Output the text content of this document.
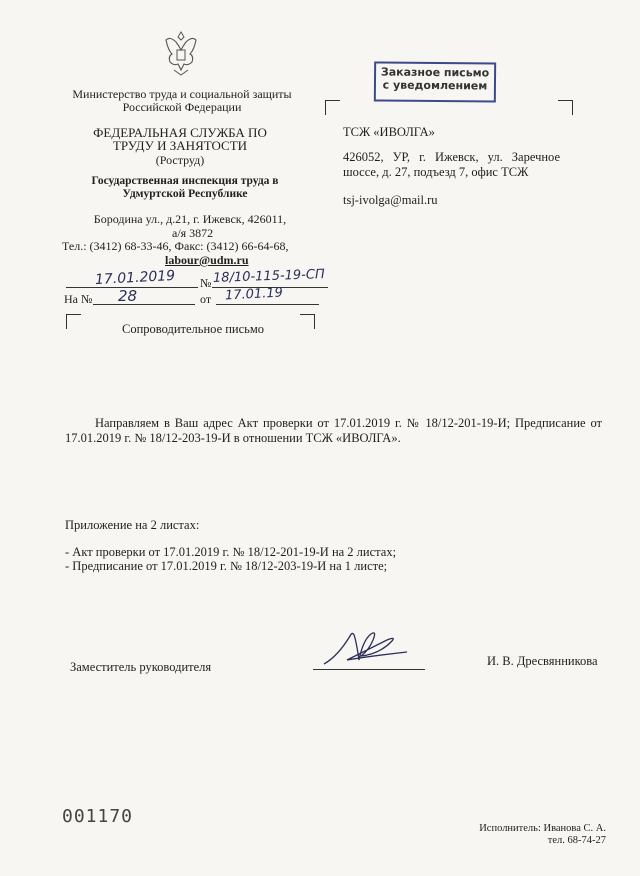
Министерство труда и социальной защиты Российской Федерации
ФЕДЕРАЛЬНАЯ СЛУЖБА ПО ТРУДУ И ЗАНЯТОСТИ
(Роструд)
Государственная инспекция труда в Удмуртской Республике
Бородина ул., д.21, г. Ижевск, 426011,
а/я 3872
Тел.: (3412) 68-33-46, Факс: (3412) 66-64-68,
labour@udm.ru
17.01.2019 № 18/10-115-19-СП
На № 28	от 17.01.19
Сопроводительное письмо
Заказное письмо
с уведомлением
ТСЖ «ИВОЛГА»
426052, УР, г. Ижевск, ул. Заречное шоссе, д. 27, подъезд 7, офис ТСЖ
tsj-ivolga@mail.ru
Направляем в Ваш адрес Акт проверки от 17.01.2019 г. № 18/12-201-19-И; Предписание от 17.01.2019 г. № 18/12-203-19-И в отношении ТСЖ «ИВОЛГА».
Приложение на 2 листах:
- Акт проверки от 17.01.2019 г. № 18/12-201-19-И на 2 листах;
- Предписание от 17.01.2019 г. № 18/12-203-19-И на 1 листе;
Заместитель руководителя	И. В. Дресвянникова
001170
Исполнитель: Иванова С. А.
тел. 68-74-27
